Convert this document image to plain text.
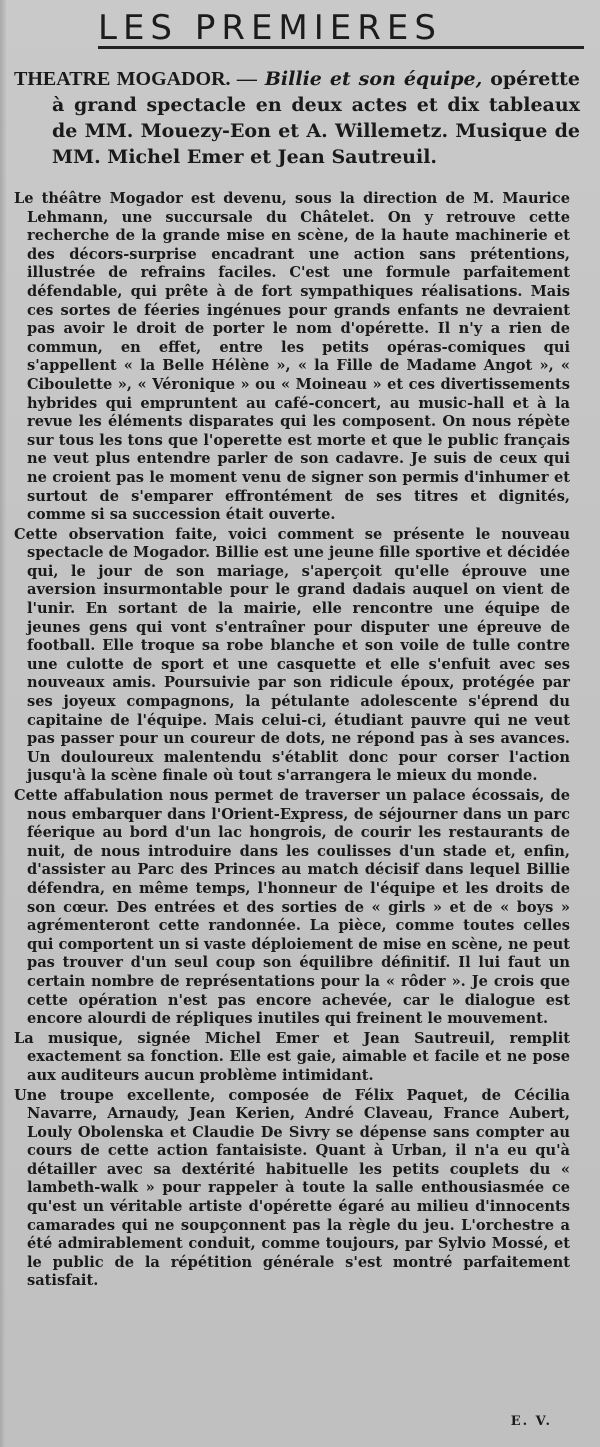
LES PREMIERES
THEATRE MOGADOR. — Billie et son équipe, opérette à grand spectacle en deux actes et dix tableaux de MM. Mouezy-Eon et A. Willemetz. Musique de MM. Michel Emer et Jean Sautreuil.

Le théâtre Mogador est devenu, sous la direction de M. Maurice Lehmann, une succursale du Châtelet. On y retrouve cette recherche de la grande mise en scène, de la haute machinerie et des décors-surprise encadrant une action sans prétentions, illustrée de refrains faciles. C'est une formule parfaitement défendable, qui prête à de fort sympathiques réalisations. Mais ces sortes de féeries ingénues pour grands enfants ne devraient pas avoir le droit de porter le nom d'opérette. Il n'y a rien de commun, en effet, entre les petits opéras-comiques qui s'appellent « la Belle Hélène », « la Fille de Madame Angot », « Ciboulette », « Véronique » ou « Moineau » et ces divertissements hybrides qui empruntent au café-concert, au music-hall et à la revue les éléments disparates qui les composent. On nous répète sur tous les tons que l'operette est morte et que le public français ne veut plus entendre parler de son cadavre. Je suis de ceux qui ne croient pas le moment venu de signer son permis d'inhumer et surtout de s'emparer effrontément de ses titres et dignités, comme si sa succession était ouverte.

Cette observation faite, voici comment se présente le nouveau spectacle de Mogador. Billie est une jeune fille sportive et décidée qui, le jour de son mariage, s'aperçoit qu'elle éprouve une aversion insurmontable pour le grand dadais auquel on vient de l'unir. En sortant de la mairie, elle rencontre une équipe de jeunes gens qui vont s'entraîner pour disputer une épreuve de football. Elle troque sa robe blanche et son voile de tulle contre une culotte de sport et une casquette et elle s'enfuit avec ses nouveaux amis. Poursuivie par son ridicule époux, protégée par ses joyeux compagnons, la pétulante adolescente s'éprend du capitaine de l'équipe. Mais celui-ci, étudiant pauvre qui ne veut pas passer pour un coureur de dots, ne répond pas à ses avances. Un douloureux malentendu s'établit donc pour corser l'action jusqu'à la scène finale où tout s'arrangera le mieux du monde.

Cette affabulation nous permet de traverser un palace écossais, de nous embarquer dans l'Orient-Express, de séjourner dans un parc féerique au bord d'un lac hongrois, de courir les restaurants de nuit, de nous introduire dans les coulisses d'un stade et, enfin, d'assister au Parc des Princes au match décisif dans lequel Billie défendra, en même temps, l'honneur de l'équipe et les droits de son cœur. Des entrées et des sorties de « girls » et de « boys » agrémenteront cette randonnée. La pièce, comme toutes celles qui comportent un si vaste déploiement de mise en scène, ne peut pas trouver d'un seul coup son équilibre définitif. Il lui faut un certain nombre de représentations pour la « rôder ». Je crois que cette opération n'est pas encore achevée, car le dialogue est encore alourdi de répliques inutiles qui freinent le mouvement.

La musique, signée Michel Emer et Jean Sautreuil, remplit exactement sa fonction. Elle est gaie, aimable et facile et ne pose aux auditeurs aucun problème intimidant.

Une troupe excellente, composée de Félix Paquet, de Cécilia Navarre, Arnaudy, Jean Kerien, André Claveau, France Aubert, Louly Obolenska et Claudie De Sivry se dépense sans compter au cours de cette action fantaisiste. Quant à Urban, il n'a eu qu'à détailler avec sa dextérité habituelle les petits couplets du « lambeth-walk » pour rappeler à toute la salle enthousiasmée ce qu'est un véritable artiste d'opérette égaré au milieu d'innocents camarades qui ne soupçonnent pas la règle du jeu. L'orchestre a été admirablement conduit, comme toujours, par Sylvio Mossé, et le public de la répétition générale s'est montré parfaitement satisfait.

E. V.
